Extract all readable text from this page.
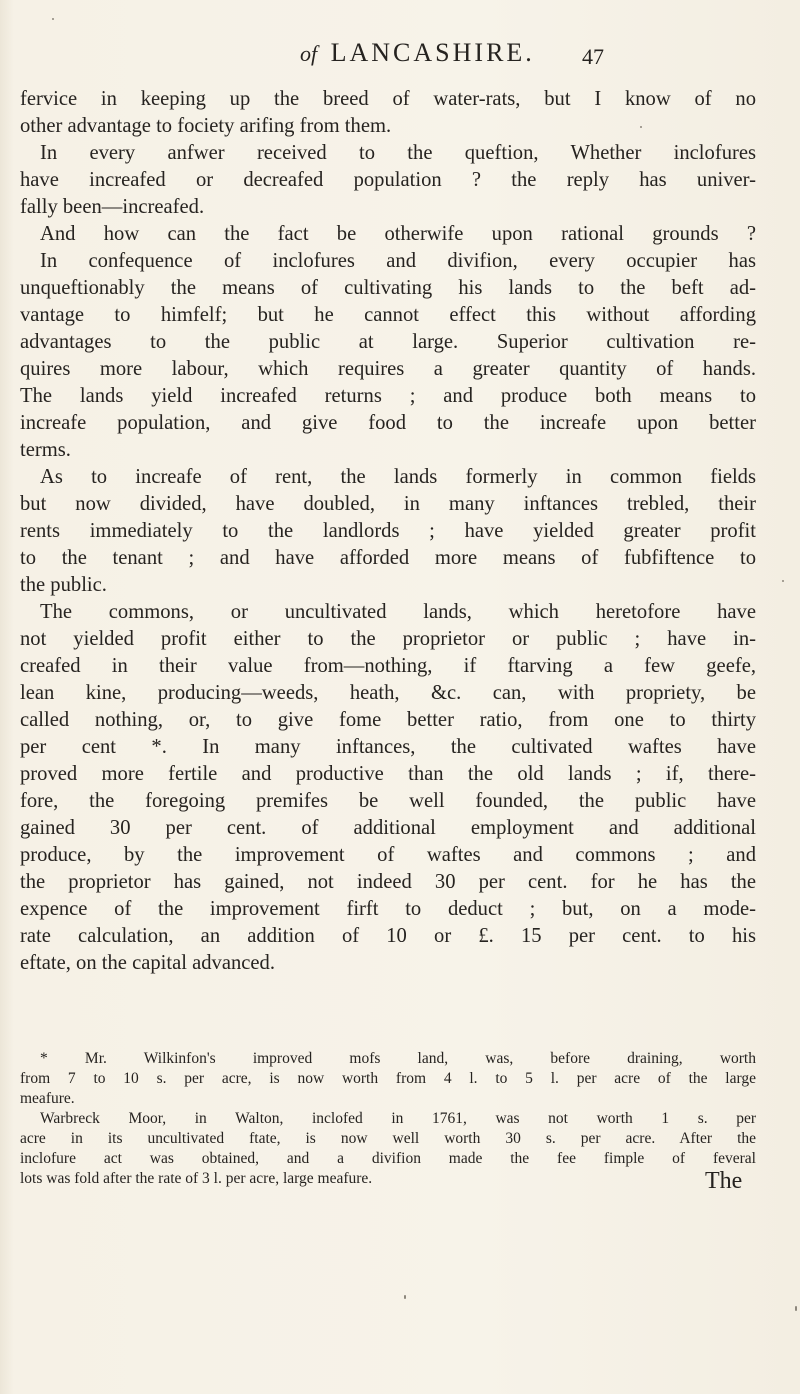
of LANCASHIRE. 47
fervice in keeping up the breed of water-rats, but I know of no
other advantage to fociety arifing from them.
In every anfwer received to the queftion, Whether inclofures
have increafed or decreafed population ? the reply has univer-
fally been—increafed.
And how can the fact be otherwife upon rational grounds ?
In confequence of inclofures and divifion, every occupier has
unqueftionably the means of cultivating his lands to the beft ad-
vantage to himfelf; but he cannot effect this without affording
advantages to the public at large. Superior cultivation re-
quires more labour, which requires a greater quantity of hands.
The lands yield increafed returns ; and produce both means to
increafe population, and give food to the increafe upon better
terms.
As to increafe of rent, the lands formerly in common fields
but now divided, have doubled, in many inftances trebled, their
rents immediately to the landlords ; have yielded greater profit
to the tenant ; and have afforded more means of fubfiftence to
the public.
The commons, or uncultivated lands, which heretofore have
not yielded profit either to the proprietor or public ; have in-
creafed in their value from—nothing, if ftarving a few geefe,
lean kine, producing—weeds, heath, &c. can, with propriety, be
called nothing, or, to give fome better ratio, from one to thirty
per cent *. In many inftances, the cultivated waftes have
proved more fertile and productive than the old lands ; if, there-
fore, the foregoing premifes be well founded, the public have
gained 30 per cent. of additional employment and additional
produce, by the improvement of waftes and commons ; and
the proprietor has gained, not indeed 30 per cent. for he has the
expence of the improvement firft to deduct ; but, on a mode-
rate calculation, an addition of 10 or £. 15 per cent. to his
eftate, on the capital advanced.
* Mr. Wilkinfon's improved mofs land, was, before draining, worth
from 7 to 10 s. per acre, is now worth from 4 l. to 5 l. per acre of the large
meafure.
Warbreck Moor, in Walton, inclofed in 1761, was not worth 1 s. per
acre in its uncultivated ftate, is now well worth 30 s. per acre. After the
inclofure act was obtained, and a divifion made the fee fimple of feveral
lots was fold after the rate of 3 l. per acre, large meafure.	The
